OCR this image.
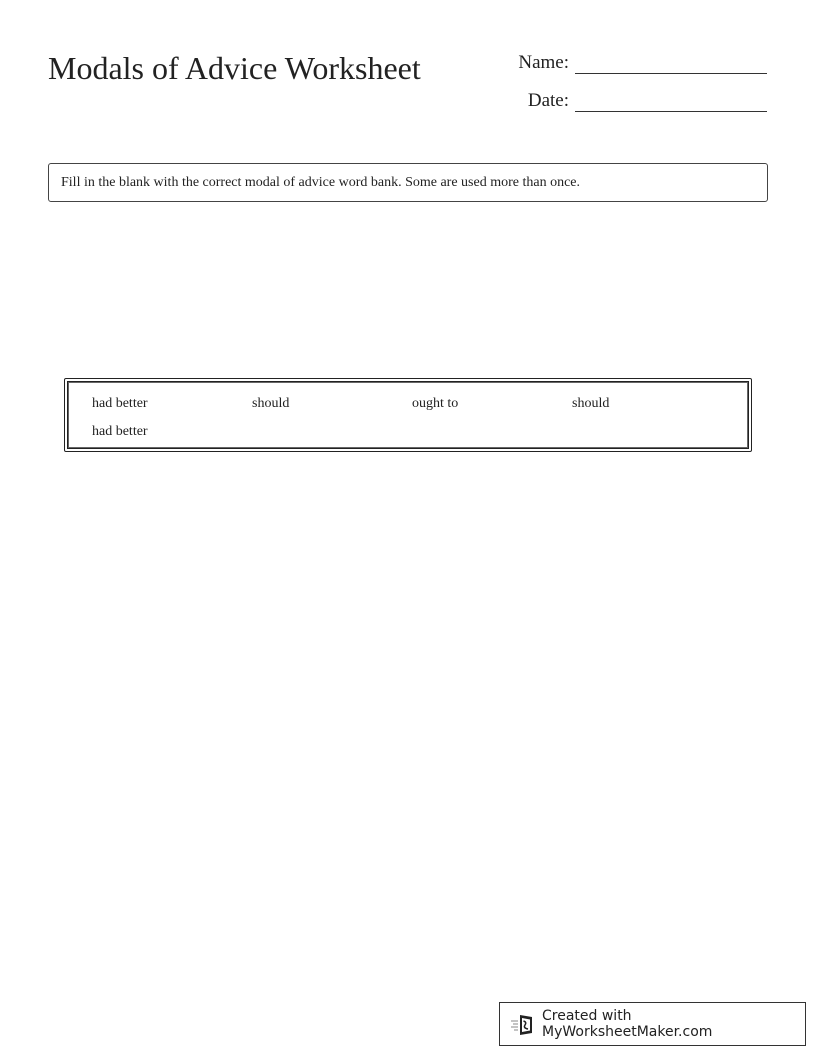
Modals of Advice Worksheet	Name:
Date:
Fill in the blank with the correct modal of advice word bank. Some are used more than once.
had better	should	ought to	should
had better
Created with MyWorksheetMaker.com
